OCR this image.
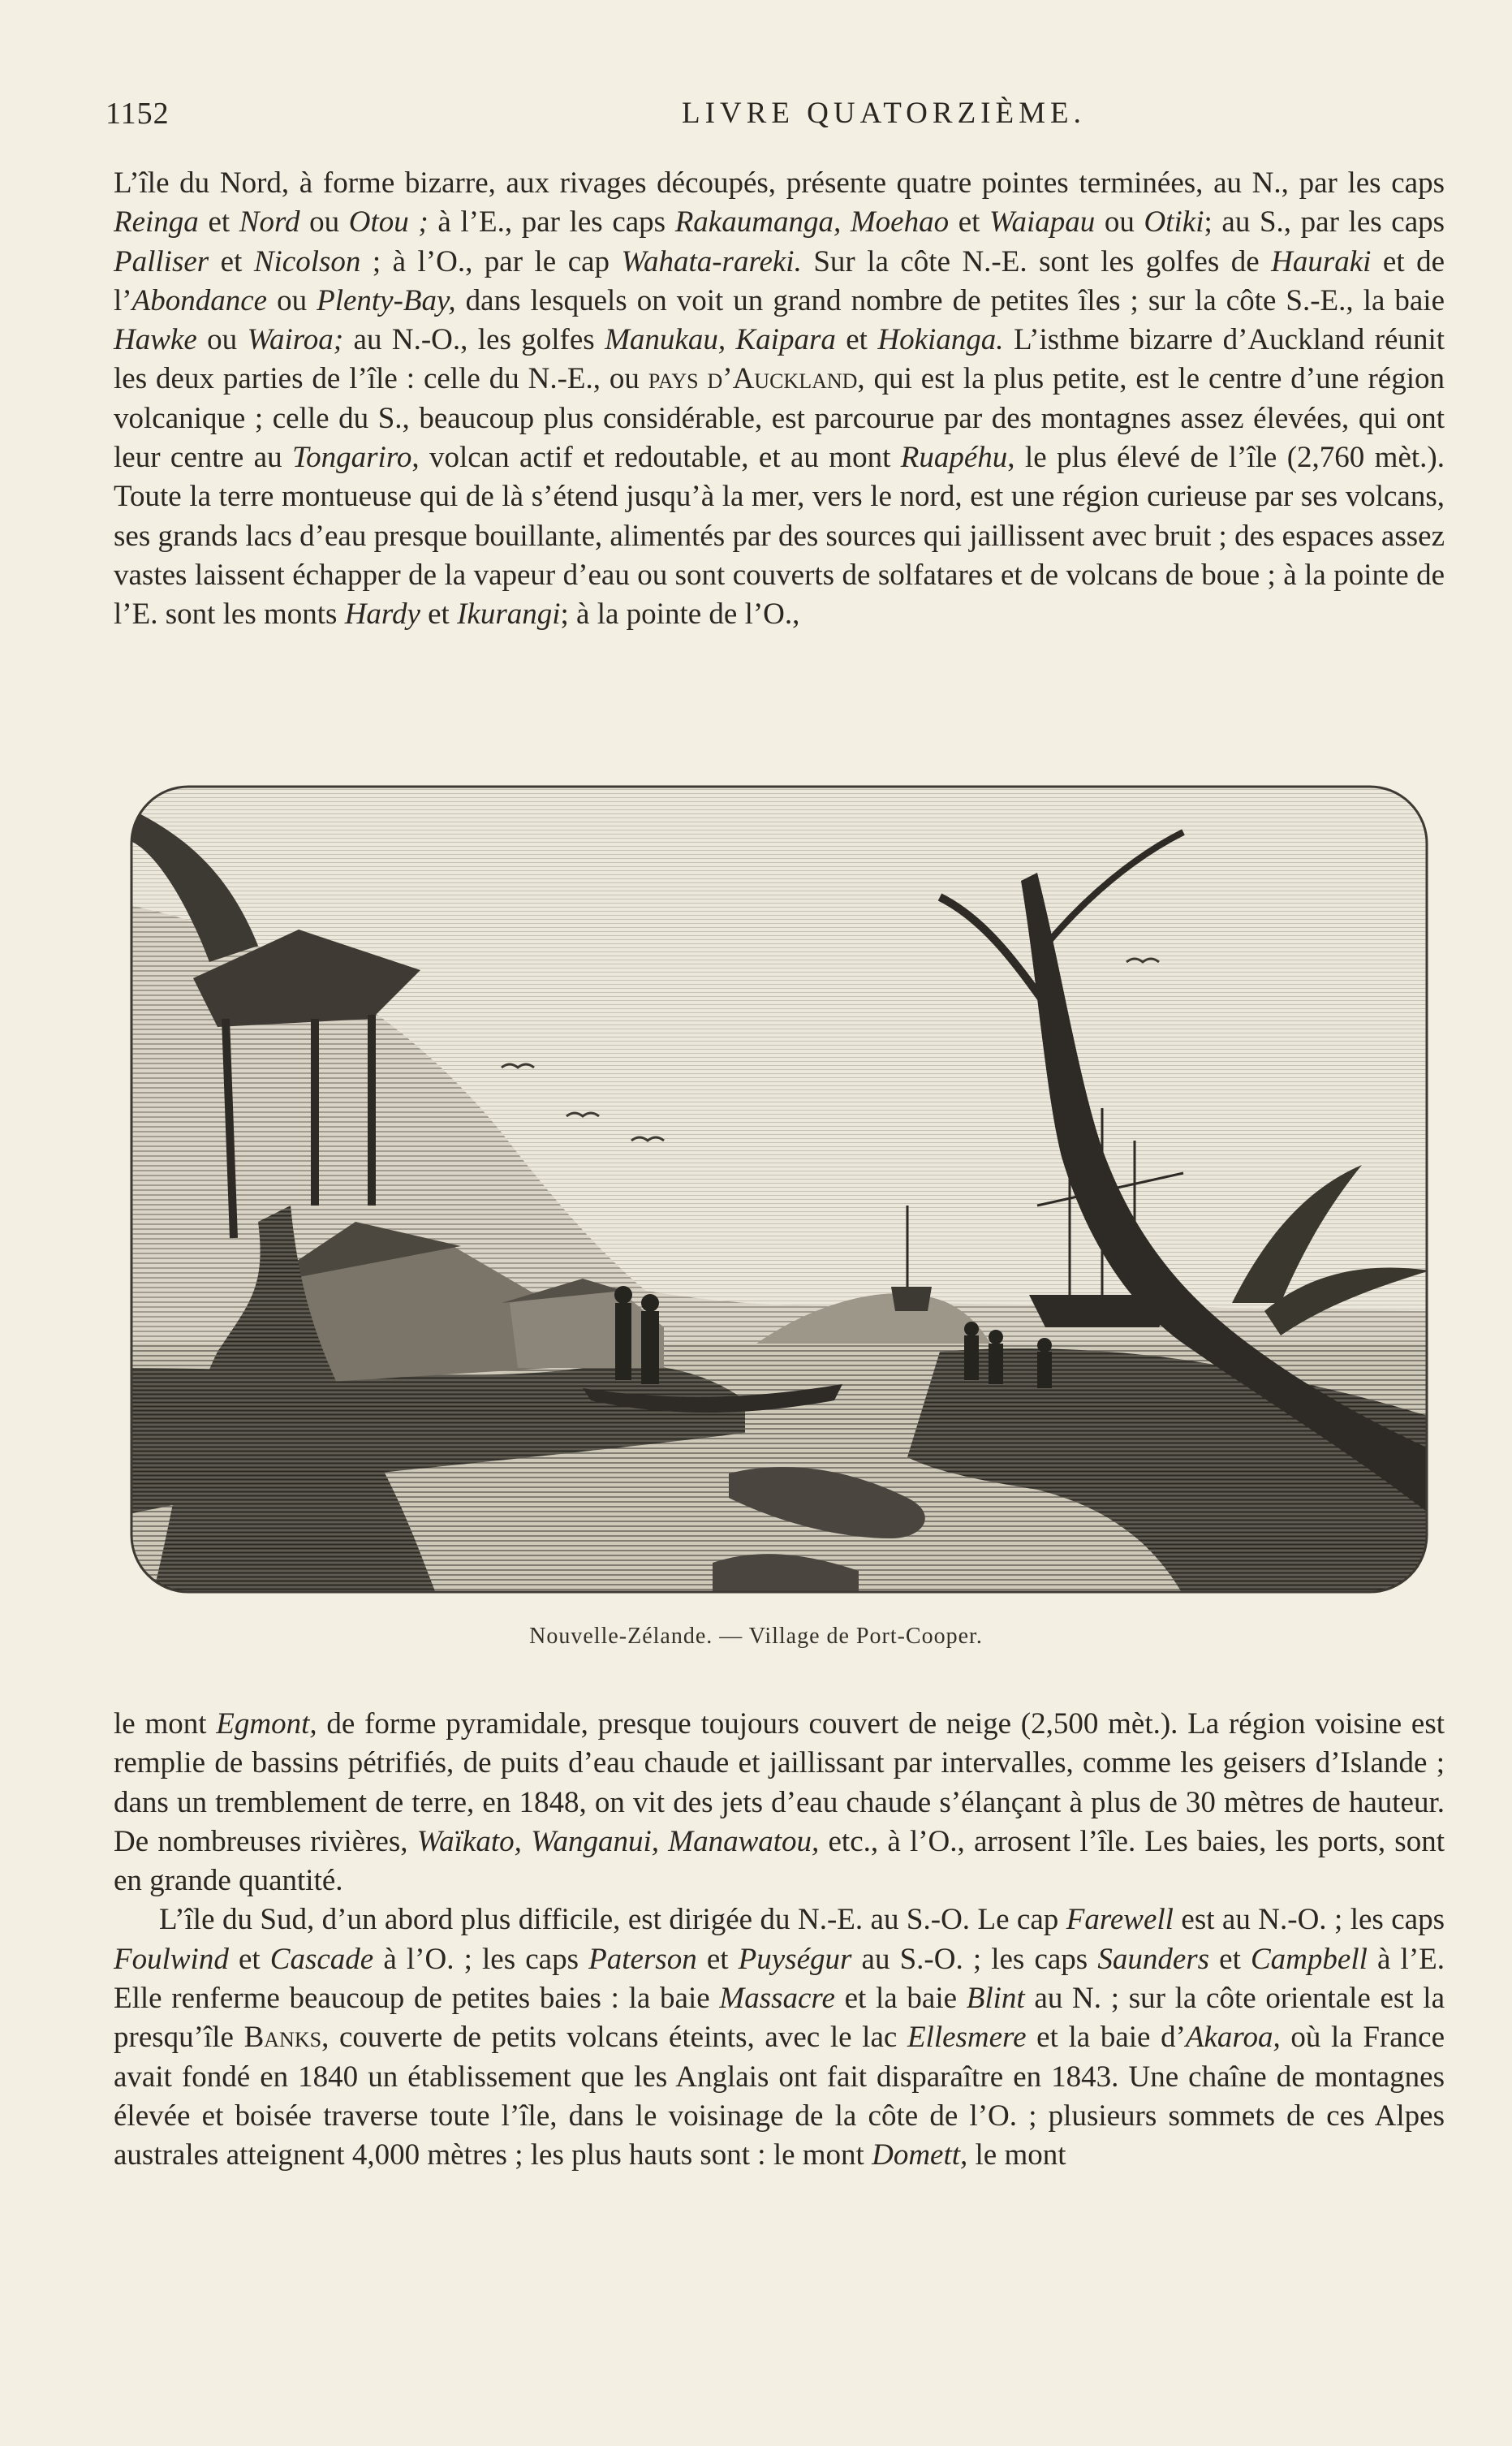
1152	LIVRE QUATORZIÈME.

L’île du Nord, à forme bizarre, aux rivages découpés, présente quatre pointes terminées, au N., par les caps Reinga et Nord ou Otou ; à l’E., par les caps Rakaumanga, Moehao et Waiapau ou Otiki; au S., par les caps Palliser et Nicolson ; à l’O., par le cap Wahata-rareki. Sur la côte N.-E. sont les golfes de Hauraki et de l’Abondance ou Plenty-Bay, dans lesquels on voit un grand nombre de petites îles ; sur la côte S.-E., la baie Hawke ou Wairoa; au N.-O., les golfes Manukau, Kaipara et Hokianga. L’isthme bizarre d’Auckland réunit les deux parties de l’île : celle du N.-E., ou pays d’Auckland, qui est la plus petite, est le centre d’une région volcanique ; celle du S., beaucoup plus considérable, est parcourue par des montagnes assez élevées, qui ont leur centre au Tongariro, volcan actif et redoutable, et au mont Ruapéhu, le plus élevé de l’île (2,760 mèt.). Toute la terre montueuse qui de là s’étend jusqu’à la mer, vers le nord, est une région curieuse par ses volcans, ses grands lacs d’eau presque bouillante, alimentés par des sources qui jaillissent avec bruit ; des espaces assez vastes laissent échapper de la vapeur d’eau ou sont couverts de solfatares et de volcans de boue ; à la pointe de l’E. sont les monts Hardy et Ikurangi; à la pointe de l’O.,

Nouvelle-Zélande. — Village de Port-Cooper.

le mont Egmont, de forme pyramidale, presque toujours couvert de neige (2,500 mèt.). La région voisine est remplie de bassins pétrifiés, de puits d’eau chaude et jaillissant par intervalles, comme les geisers d’Islande ; dans un tremblement de terre, en 1848, on vit des jets d’eau chaude s’élançant à plus de 30 mètres de hauteur. De nombreuses rivières, Waïkato, Wanganui, Manawatou, etc., à l’O., arrosent l’île. Les baies, les ports, sont en grande quantité.

L’île du Sud, d’un abord plus difficile, est dirigée du N.-E. au S.-O. Le cap Farewell est au N.-O. ; les caps Foulwind et Cascade à l’O. ; les caps Paterson et Puységur au S.-O. ; les caps Saunders et Campbell à l’E. Elle renferme beaucoup de petites baies : la baie Massacre et la baie Blint au N. ; sur la côte orientale est la presqu’île Banks, couverte de petits volcans éteints, avec le lac Ellesmere et la baie d’Akaroa, où la France avait fondé en 1840 un établissement que les Anglais ont fait disparaître en 1843. Une chaîne de montagnes élevée et boisée traverse toute l’île, dans le voisinage de la côte de l’O. ; plusieurs sommets de ces Alpes australes atteignent 4,000 mètres ; les plus hauts sont : le mont Domett, le mont
